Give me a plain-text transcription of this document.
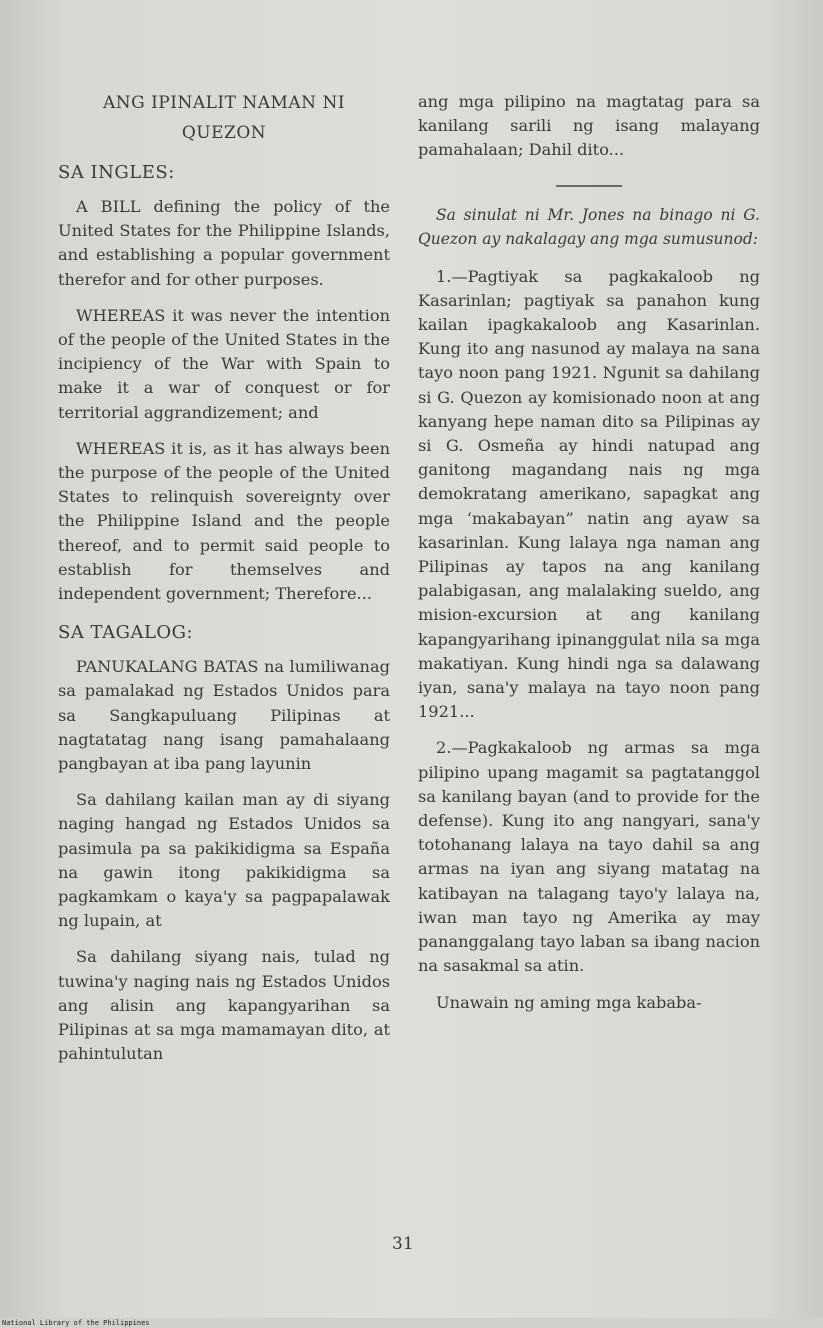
ANG IPINALIT NAMAN NI

QUEZON

SA INGLES:

A BILL defining the policy of the United States for the Philippine Islands, and establishing a popular government therefor and for other purposes.

WHEREAS it was never the intention of the people of the United States in the incipiency of the War with Spain to make it a war of conquest or for territorial aggrandizement; and

WHEREAS it is, as it has always been the purpose of the people of the United States to relinquish sovereignty over the Philippine Island and the people thereof, and to permit said people to establish for themselves and independent government; Therefore...

SA TAGALOG:

PANUKALANG BATAS na lumiliwanag sa pamalakad ng Estados Unidos para sa Sangkapuluang Pilipinas at nagtatatag nang isang pamahalaang pangbayan at iba pang layunin

Sa dahilang kailan man ay di siyang naging hangad ng Estados Unidos sa pasimula pa sa pakikidigma sa España na gawin itong pakikidigma sa pagkamkam o kaya'y sa pagpapalawak ng lupain, at

Sa dahilang siyang nais, tulad ng tuwina'y naging nais ng Estados Unidos ang alisin ang kapangyarihan sa Pilipinas at sa mga mamamayan dito, at pahintulutan

ang mga pilipino na magtatag para sa kanilang sarili ng isang malayang pamahalaan; Dahil dito...

Sa sinulat ni Mr. Jones na binago ni G. Quezon ay nakalagay ang mga sumusunod:

1.—Pagtiyak sa pagkakaloob ng Kasarinlan; pagtiyak sa panahon kung kailan ipagkakaloob ang Kasarinlan. Kung ito ang nasunod ay malaya na sana tayo noon pang 1921. Ngunit sa dahilang si G. Quezon ay komisionado noon at ang kanyang hepe naman dito sa Pilipinas ay si G. Osmeña ay hindi natupad ang ganitong magandang nais ng mga demokratang amerikano, sapagkat ang mga ‘makabayan” natin ang ayaw sa kasarinlan. Kung lalaya nga naman ang Pilipinas ay tapos na ang kanilang palabigasan, ang malalaking sueldo, ang mision-excursion at ang kanilang kapangyarihang ipinanggulat nila sa mga makatiyan. Kung hindi nga sa dalawang iyan, sana'y malaya na tayo noon pang 1921...

2.—Pagkakaloob ng armas sa mga pilipino upang magamit sa pagtatanggol sa kanilang bayan (and to provide for the defense). Kung ito ang nangyari, sana'y totohanang lalaya na tayo dahil sa ang armas na iyan ang siyang matatag na katibayan na talagang tayo'y lalaya na, iwan man tayo ng Amerika ay may pananggalang tayo laban sa ibang nacion na sasakmal sa atin.

Unawain ng aming mga kababa-

31
National Library of the Philippines
